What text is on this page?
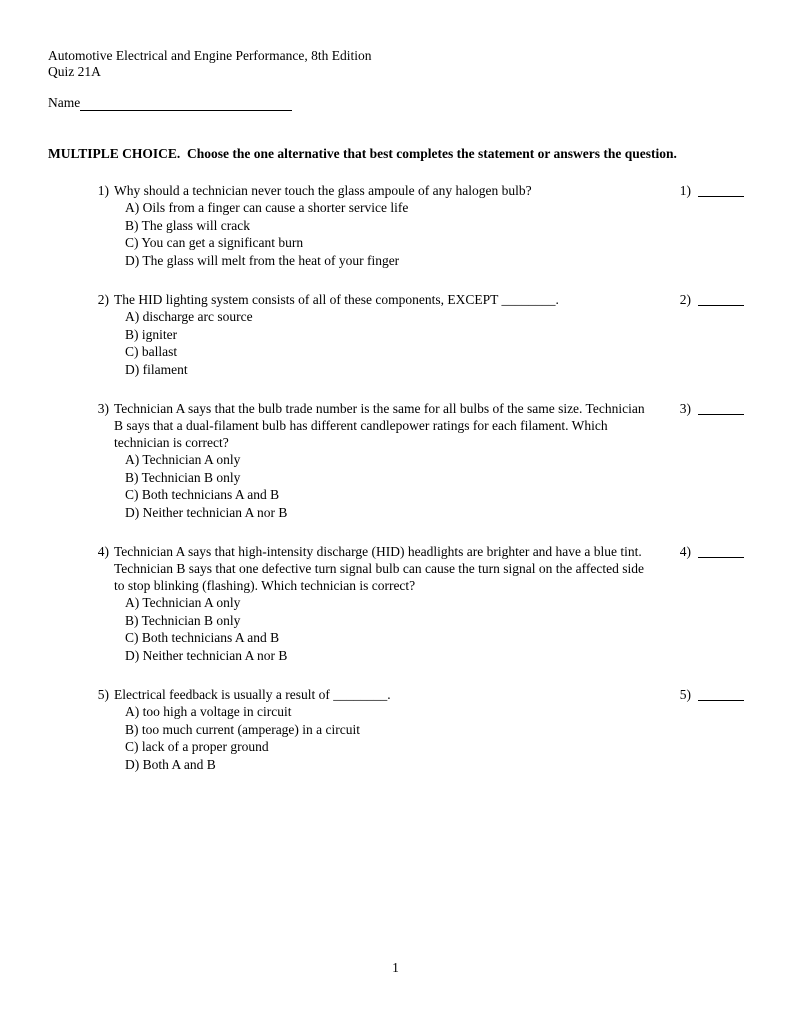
Automotive Electrical and Engine Performance, 8th Edition
Quiz 21A
Name
MULTIPLE CHOICE.  Choose the one alternative that best completes the statement or answers the question.
1) Why should a technician never touch the glass ampoule of any halogen bulb?
A) Oils from a finger can cause a shorter service life
B) The glass will crack
C) You can get a significant burn
D) The glass will melt from the heat of your finger
1)
2) The HID lighting system consists of all of these components, EXCEPT ________.
A) discharge arc source
B) igniter
C) ballast
D) filament
2)
3) Technician A says that the bulb trade number is the same for all bulbs of the same size. Technician B says that a dual-filament bulb has different candlepower ratings for each filament. Which technician is correct?
A) Technician A only
B) Technician B only
C) Both technicians A and B
D) Neither technician A nor B
3)
4) Technician A says that high-intensity discharge (HID) headlights are brighter and have a blue tint. Technician B says that one defective turn signal bulb can cause the turn signal on the affected side to stop blinking (flashing). Which technician is correct?
A) Technician A only
B) Technician B only
C) Both technicians A and B
D) Neither technician A nor B
4)
5) Electrical feedback is usually a result of ________.
A) too high a voltage in circuit
B) too much current (amperage) in a circuit
C) lack of a proper ground
D) Both A and B
5)
1
